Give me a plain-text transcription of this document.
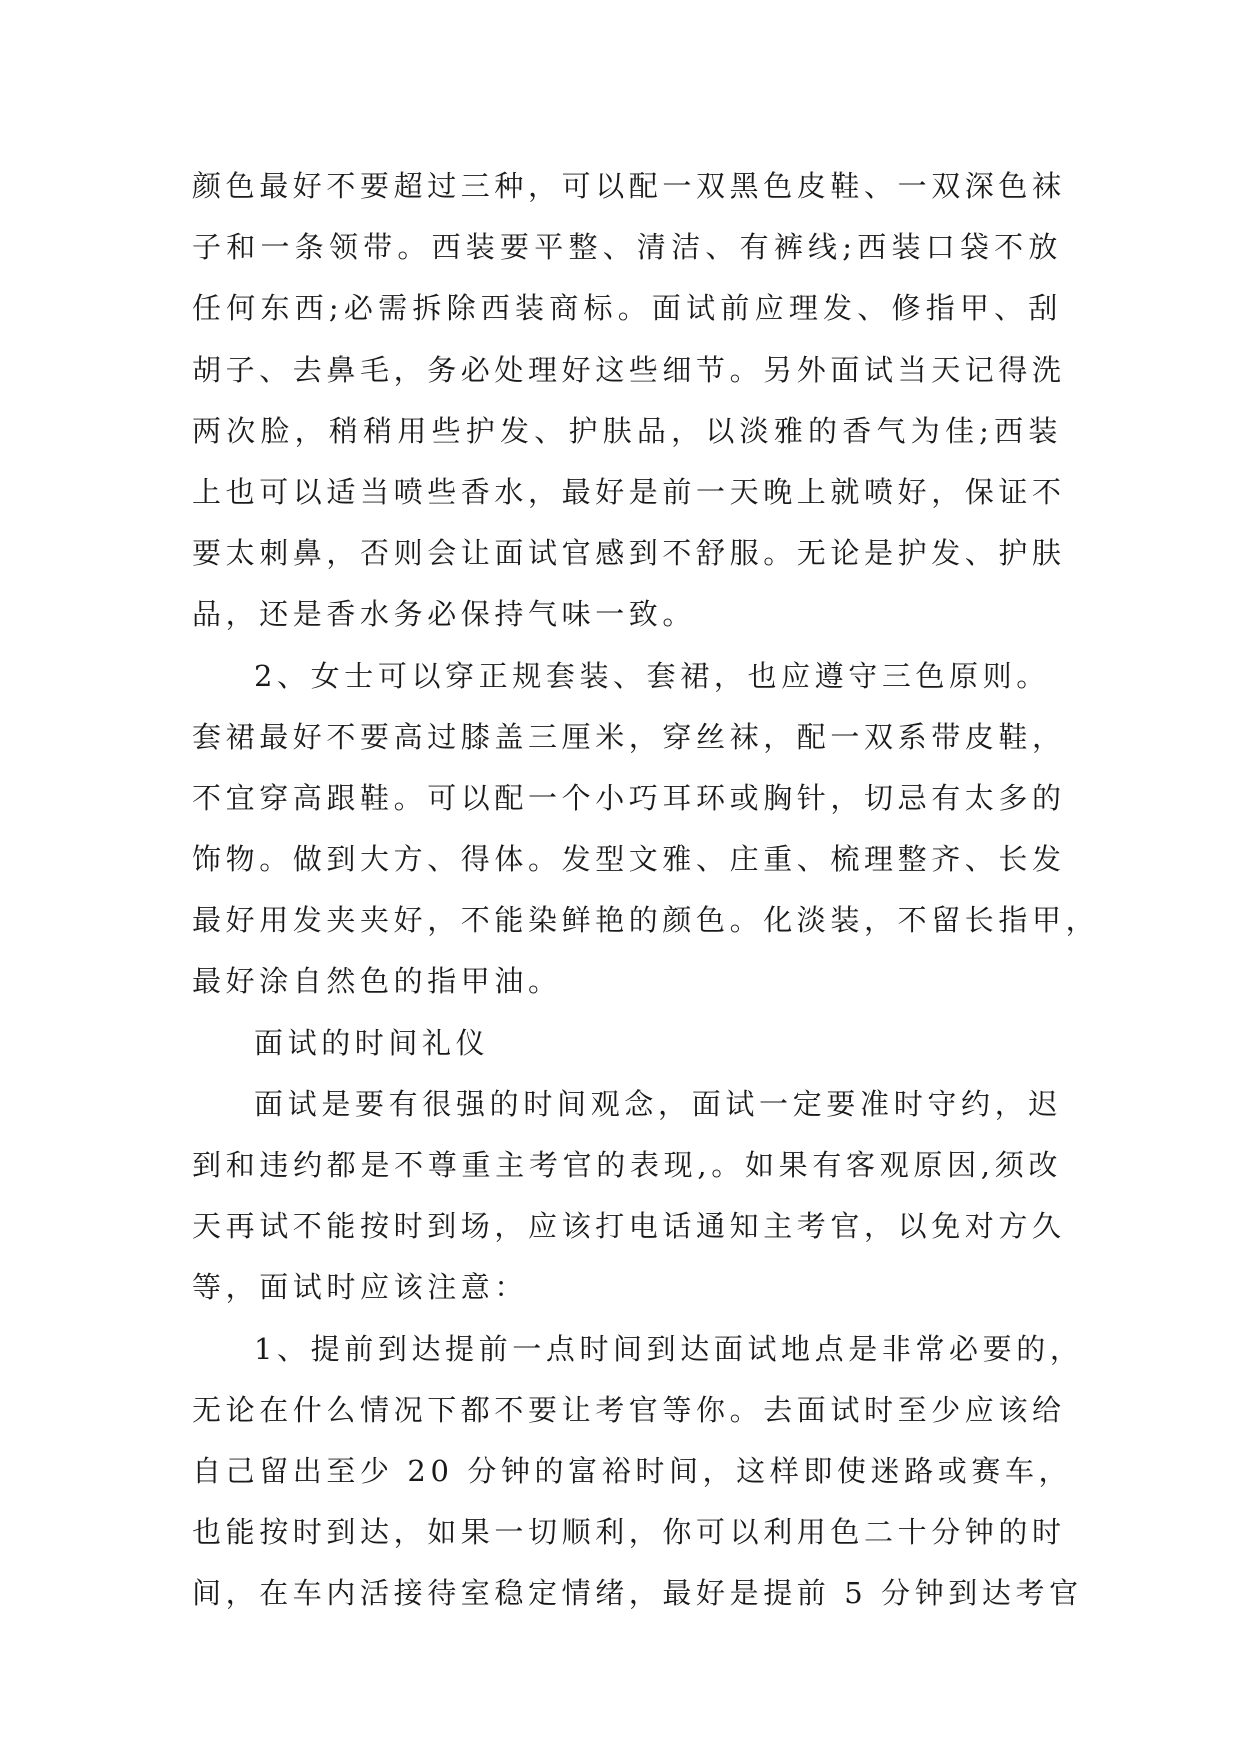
颜色最好不要超过三种，可以配一双黑色皮鞋、一双深色袜
子和一条领带。西装要平整、清洁、有裤线;西装口袋不放
任何东西;必需拆除西装商标。面试前应理发、修指甲、刮
胡子、去鼻毛，务必处理好这些细节。另外面试当天记得洗
两次脸，稍稍用些护发、护肤品，以淡雅的香气为佳;西装
上也可以适当喷些香水，最好是前一天晚上就喷好，保证不
要太刺鼻，否则会让面试官感到不舒服。无论是护发、护肤
品，还是香水务必保持气味一致。
2、女士可以穿正规套装、套裙，也应遵守三色原则。
套裙最好不要高过膝盖三厘米，穿丝袜，配一双系带皮鞋，
不宜穿高跟鞋。可以配一个小巧耳环或胸针，切忌有太多的
饰物。做到大方、得体。发型文雅、庄重、梳理整齐、长发
最好用发夹夹好，不能染鲜艳的颜色。化淡装，不留长指甲，
最好涂自然色的指甲油。
面试的时间礼仪
面试是要有很强的时间观念，面试一定要准时守约，迟
到和违约都是不尊重主考官的表现,。如果有客观原因,须改
天再试不能按时到场，应该打电话通知主考官，以免对方久
等，面试时应该注意：
1、提前到达提前一点时间到达面试地点是非常必要的，
无论在什么情况下都不要让考官等你。去面试时至少应该给
自己留出至少 20 分钟的富裕时间，这样即使迷路或赛车，
也能按时到达，如果一切顺利，你可以利用色二十分钟的时
间，在车内活接待室稳定情绪，最好是提前 5 分钟到达考官
